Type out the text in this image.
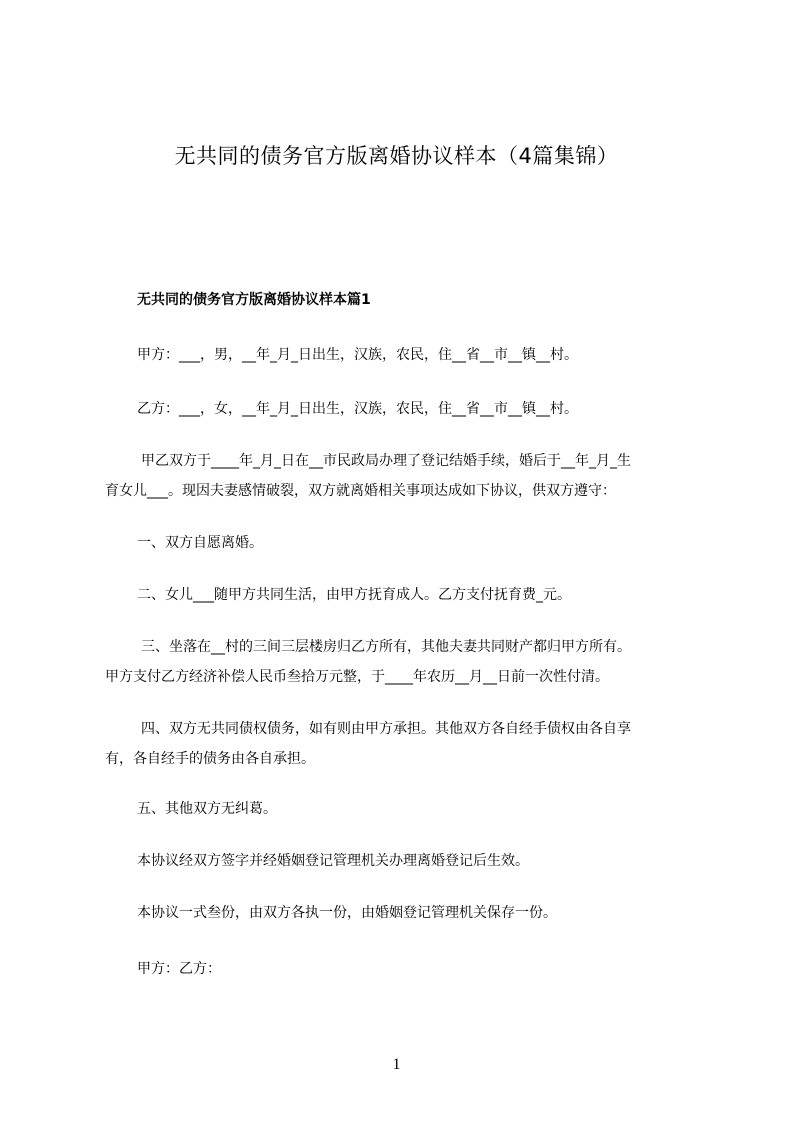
无共同的债务官方版离婚协议样本（4篇集锦）
无共同的债务官方版离婚协议样本篇1
甲方：___，男，__年_月_日出生，汉族，农民，住__省__市__镇__村。
乙方：___，女，__年_月_日出生，汉族，农民，住__省__市__镇__村。
甲乙双方于____年_月_日在__市民政局办理了登记结婚手续，婚后于__年_月_生
育女儿___。现因夫妻感情破裂，双方就离婚相关事项达成如下协议，供双方遵守：
一、双方自愿离婚。
二、女儿___随甲方共同生活，由甲方抚育成人。乙方支付抚育费_元。
三、坐落在__村的三间三层楼房归乙方所有，其他夫妻共同财产都归甲方所有。
甲方支付乙方经济补偿人民币叁拾万元整，于____年农历__月__日前一次性付清。
四、双方无共同债权债务，如有则由甲方承担。其他双方各自经手债权由各自享
有，各自经手的债务由各自承担。
五、其他双方无纠葛。
本协议经双方签字并经婚姻登记管理机关办理离婚登记后生效。
本协议一式叁份，由双方各执一份，由婚姻登记管理机关保存一份。
甲方：乙方：
1
